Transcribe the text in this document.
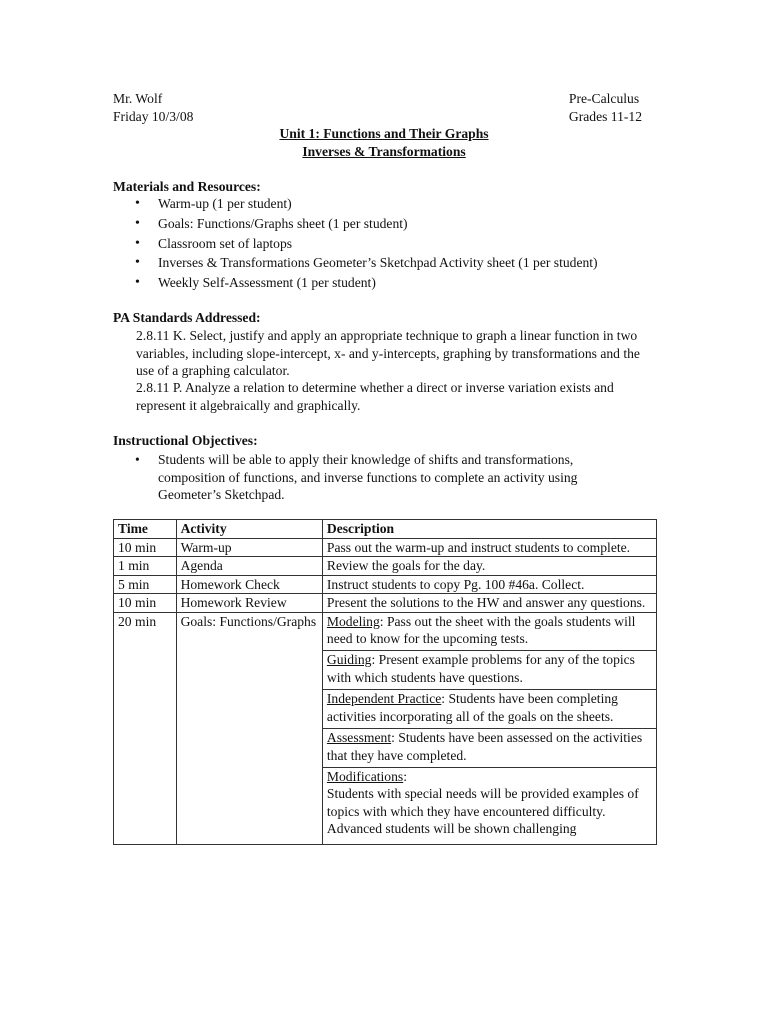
Mr. Wolf
Friday 10/3/08
Pre-Calculus
Grades 11-12
Unit 1: Functions and Their Graphs
Inverses & Transformations
Materials and Resources:
• Warm-up (1 per student)
• Goals: Functions/Graphs sheet (1 per student)
• Classroom set of laptops
• Inverses & Transformations Geometer’s Sketchpad Activity sheet (1 per student)
• Weekly Self-Assessment (1 per student)
PA Standards Addressed:
2.8.11 K. Select, justify and apply an appropriate technique to graph a linear function in two variables, including slope-intercept, x- and y-intercepts, graphing by transformations and the use of a graphing calculator.
2.8.11 P. Analyze a relation to determine whether a direct or inverse variation exists and represent it algebraically and graphically.
Instructional Objectives:
• Students will be able to apply their knowledge of shifts and transformations, composition of functions, and inverse functions to complete an activity using Geometer’s Sketchpad.
Time	Activity	Description
10 min	Warm-up	Pass out the warm-up and instruct students to complete.
1 min	Agenda	Review the goals for the day.
5 min	Homework Check	Instruct students to copy Pg. 100 #46a. Collect.
10 min	Homework Review	Present the solutions to the HW and answer any questions.
20 min	Goals: Functions/Graphs	Modeling: Pass out the sheet with the goals students will need to know for the upcoming tests.
		Guiding: Present example problems for any of the topics with which students have questions.
		Independent Practice: Students have been completing activities incorporating all of the goals on the sheets.
		Assessment: Students have been assessed on the activities that they have completed.
		Modifications:
Students with special needs will be provided examples of topics with which they have encountered difficulty.
Advanced students will be shown challenging
